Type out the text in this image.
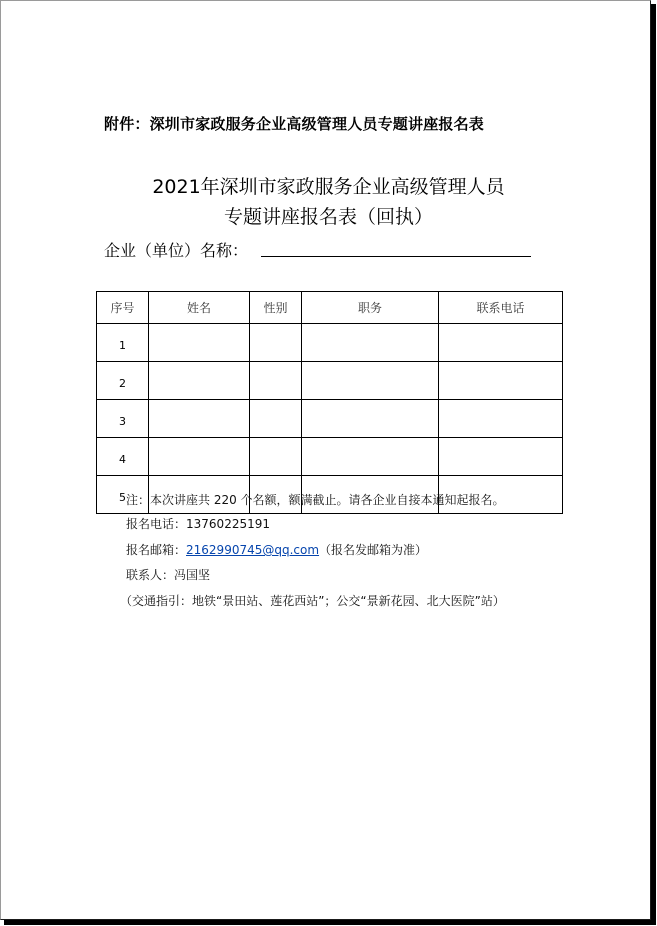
附件：深圳市家政服务企业高级管理人员专题讲座报名表
2021年深圳市家政服务企业高级管理人员
专题讲座报名表（回执）
企业（单位）名称：
序号	姓名	性别	职务	联系电话
1				
2				
3				
4				
5				注：本次讲座共 220 个名额，额满截止。请各企业自接本通知起报名。
报名电话：13760225191
报名邮箱：2162990745@qq.com（报名发邮箱为准）
联系人：冯国坚
（交通指引：地铁“景田站、莲花西站”；公交“景新花园、北大医院”站）
